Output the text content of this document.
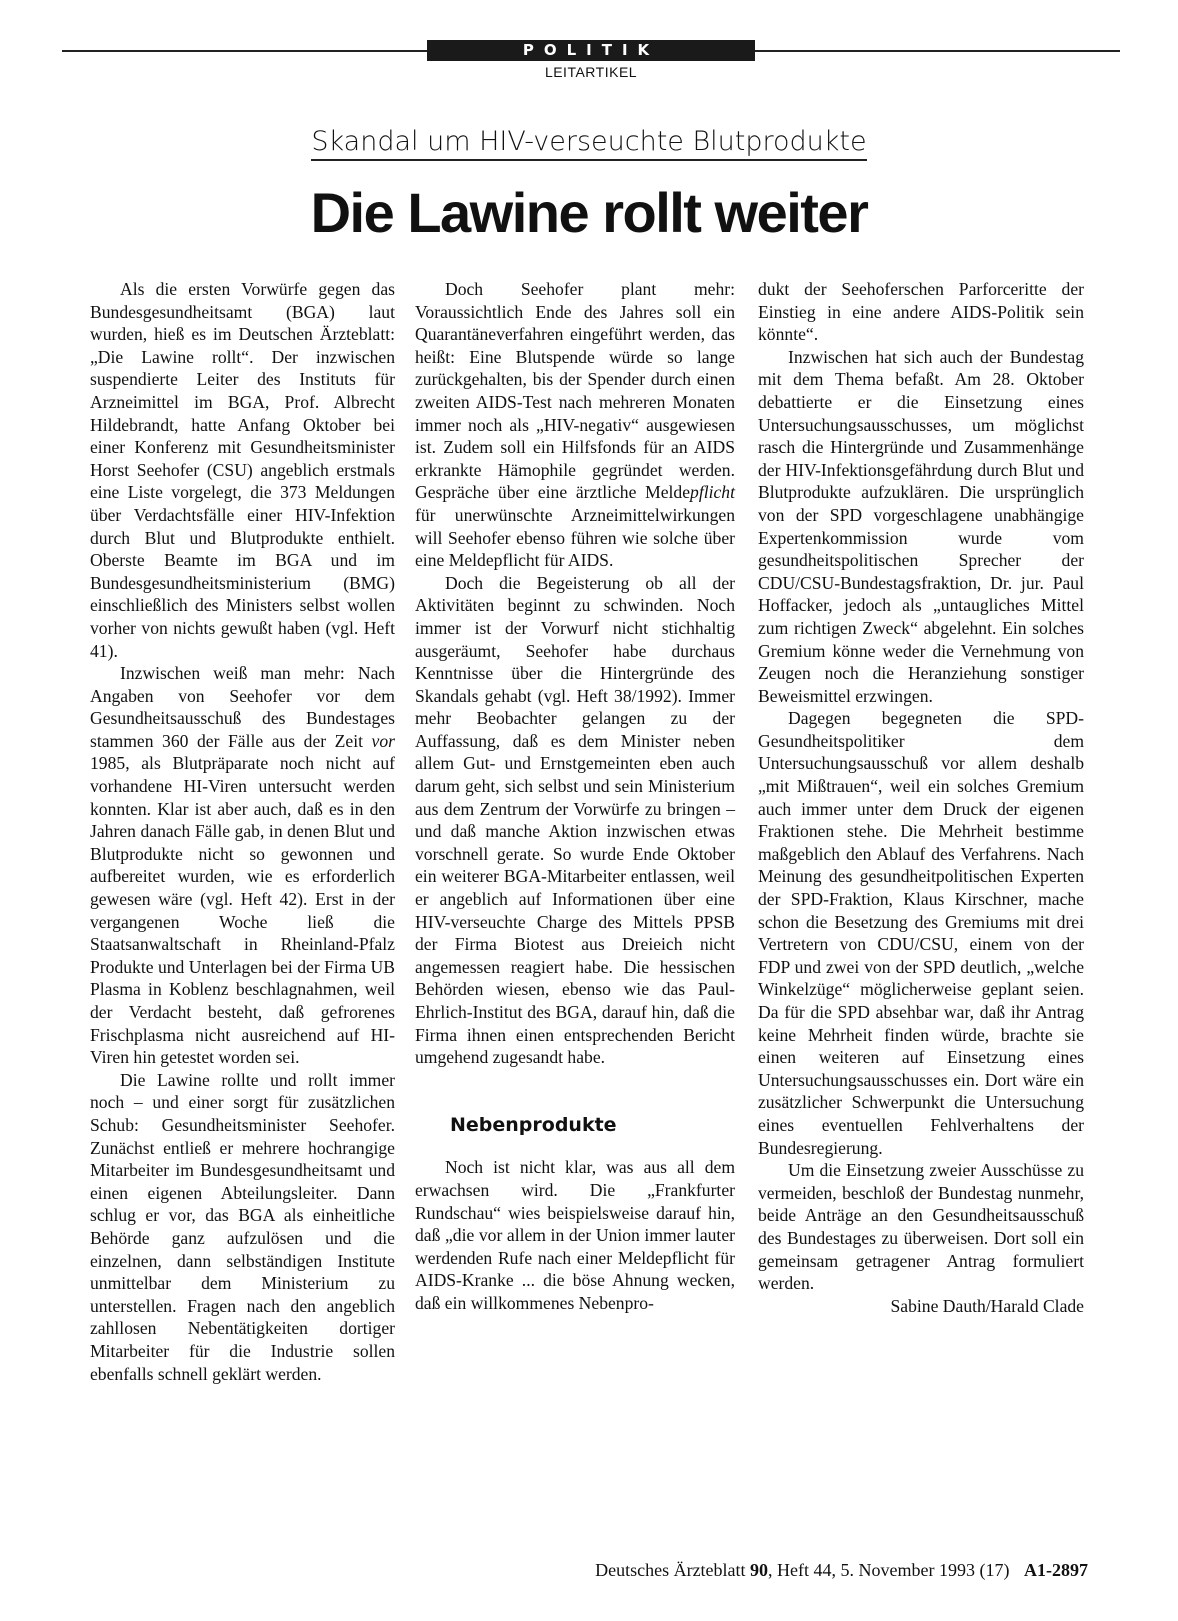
POLITIK
LEITARTIKEL
Skandal um HIV-verseuchte Blutprodukte
Die Lawine rollt weiter

Als die ersten Vorwürfe gegen das Bundesgesundheitsamt (BGA) laut wurden, hieß es im Deutschen Ärzteblatt: „Die Lawine rollt“. Der inzwischen suspendierte Leiter des Instituts für Arzneimittel im BGA, Prof. Albrecht Hildebrandt, hatte Anfang Oktober bei einer Konferenz mit Gesundheitsminister Horst Seehofer (CSU) angeblich erstmals eine Liste vorgelegt, die 373 Meldungen über Verdachtsfälle einer HIV-Infektion durch Blut und Blutprodukte enthielt. Oberste Beamte im BGA und im Bundesgesundheitsministerium (BMG) einschließlich des Ministers selbst wollen vorher von nichts gewußt haben (vgl. Heft 41).

Inzwischen weiß man mehr: Nach Angaben von Seehofer vor dem Gesundheitsausschuß des Bundestages stammen 360 der Fälle aus der Zeit vor 1985, als Blutpräparate noch nicht auf vorhandene HI-Viren untersucht werden konnten. Klar ist aber auch, daß es in den Jahren danach Fälle gab, in denen Blut und Blutprodukte nicht so gewonnen und aufbereitet wurden, wie es erforderlich gewesen wäre (vgl. Heft 42). Erst in der vergangenen Woche ließ die Staatsanwaltschaft in Rheinland-Pfalz Produkte und Unterlagen bei der Firma UB Plasma in Koblenz beschlagnahmen, weil der Verdacht besteht, daß gefrorenes Frischplasma nicht ausreichend auf HI-Viren hin getestet worden sei.

Die Lawine rollte und rollt immer noch – und einer sorgt für zusätzlichen Schub: Gesundheitsminister Seehofer. Zunächst entließ er mehrere hochrangige Mitarbeiter im Bundesgesundheitsamt und einen eigenen Abteilungsleiter. Dann schlug er vor, das BGA als einheitliche Behörde ganz aufzulösen und die einzelnen, dann selbständigen Institute unmittelbar dem Ministerium zu unterstellen. Fragen nach den angeblich zahllosen Nebentätigkeiten dortiger Mitarbeiter für die Industrie sollen ebenfalls schnell geklärt werden.

Doch Seehofer plant mehr: Voraussichtlich Ende des Jahres soll ein Quarantäneverfahren eingeführt werden, das heißt: Eine Blutspende würde so lange zurückgehalten, bis der Spender durch einen zweiten AIDS-Test nach mehreren Monaten immer noch als „HIV-negativ“ ausgewiesen ist. Zudem soll ein Hilfsfonds für an AIDS erkrankte Hämophile gegründet werden. Gespräche über eine ärztliche Meldepflicht für unerwünschte Arzneimittelwirkungen will Seehofer ebenso führen wie solche über eine Meldepflicht für AIDS.

Doch die Begeisterung ob all der Aktivitäten beginnt zu schwinden. Noch immer ist der Vorwurf nicht stichhaltig ausgeräumt, Seehofer habe durchaus Kenntnisse über die Hintergründe des Skandals gehabt (vgl. Heft 38/1992). Immer mehr Beobachter gelangen zu der Auffassung, daß es dem Minister neben allem Gut- und Ernstgemeinten eben auch darum geht, sich selbst und sein Ministerium aus dem Zentrum der Vorwürfe zu bringen – und daß manche Aktion inzwischen etwas vorschnell gerate. So wurde Ende Oktober ein weiterer BGA-Mitarbeiter entlassen, weil er angeblich auf Informationen über eine HIV-verseuchte Charge des Mittels PPSB der Firma Biotest aus Dreieich nicht angemessen reagiert habe. Die hessischen Behörden wiesen, ebenso wie das Paul-Ehrlich-Institut des BGA, darauf hin, daß die Firma ihnen einen entsprechenden Bericht umgehend zugesandt habe.

Nebenprodukte

Noch ist nicht klar, was aus all dem erwachsen wird. Die „Frankfurter Rundschau“ wies beispielsweise darauf hin, daß „die vor allem in der Union immer lauter werdenden Rufe nach einer Meldepflicht für AIDS-Kranke ... die böse Ahnung wecken, daß ein willkommenes Nebenpro-

dukt der Seehoferschen Parforceritte der Einstieg in eine andere AIDS-Politik sein könnte“.

Inzwischen hat sich auch der Bundestag mit dem Thema befaßt. Am 28. Oktober debattierte er die Einsetzung eines Untersuchungsausschusses, um möglichst rasch die Hintergründe und Zusammenhänge der HIV-Infektionsgefährdung durch Blut und Blutprodukte aufzuklären. Die ursprünglich von der SPD vorgeschlagene unabhängige Expertenkommission wurde vom gesundheitspolitischen Sprecher der CDU/CSU-Bundestagsfraktion, Dr. jur. Paul Hoffacker, jedoch als „untaugliches Mittel zum richtigen Zweck“ abgelehnt. Ein solches Gremium könne weder die Vernehmung von Zeugen noch die Heranziehung sonstiger Beweismittel erzwingen.

Dagegen begegneten die SPD-Gesundheitspolitiker dem Untersuchungsausschuß vor allem deshalb „mit Mißtrauen“, weil ein solches Gremium auch immer unter dem Druck der eigenen Fraktionen stehe. Die Mehrheit bestimme maßgeblich den Ablauf des Verfahrens. Nach Meinung des gesundheitpolitischen Experten der SPD-Fraktion, Klaus Kirschner, mache schon die Besetzung des Gremiums mit drei Vertretern von CDU/CSU, einem von der FDP und zwei von der SPD deutlich, „welche Winkelzüge“ möglicherweise geplant seien. Da für die SPD absehbar war, daß ihr Antrag keine Mehrheit finden würde, brachte sie einen weiteren auf Einsetzung eines Untersuchungsausschusses ein. Dort wäre ein zusätzlicher Schwerpunkt die Untersuchung eines eventuellen Fehlverhaltens der Bundesregierung.

Um die Einsetzung zweier Ausschüsse zu vermeiden, beschloß der Bundestag nunmehr, beide Anträge an den Gesundheitsausschuß des Bundestages zu überweisen. Dort soll ein gemeinsam getragener Antrag formuliert werden.

Sabine Dauth/Harald Clade

Deutsches Ärzteblatt 90, Heft 44, 5. November 1993 (17) A1-2897
